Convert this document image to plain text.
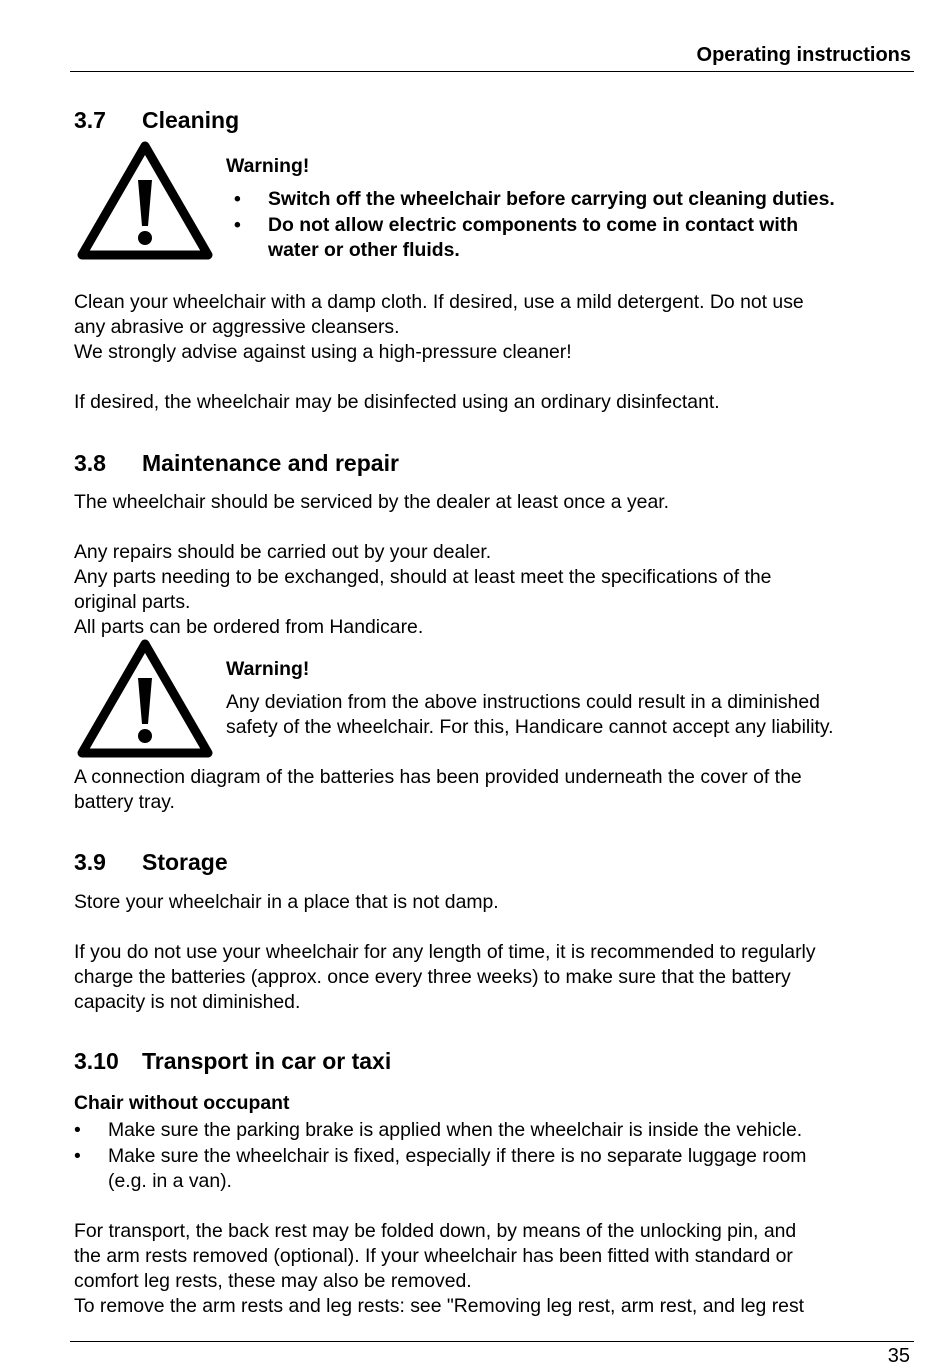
Operating instructions
3.7 Cleaning
Warning!
• Switch off the wheelchair before carrying out cleaning duties.
• Do not allow electric components to come in contact with
water or other fluids.
Clean your wheelchair with a damp cloth. If desired, use a mild detergent. Do not use
any abrasive or aggressive cleansers.
We strongly advise against using a high-pressure cleaner!
If desired, the wheelchair may be disinfected using an ordinary disinfectant.
3.8 Maintenance and repair
The wheelchair should be serviced by the dealer at least once a year.
Any repairs should be carried out by your dealer.
Any parts needing to be exchanged, should at least meet the specifications of the
original parts.
All parts can be ordered from Handicare.
Warning!
Any deviation from the above instructions could result in a diminished
safety of the wheelchair. For this, Handicare cannot accept any liability.
A connection diagram of the batteries has been provided underneath the cover of the
battery tray.
3.9 Storage
Store your wheelchair in a place that is not damp.
If you do not use your wheelchair for any length of time, it is recommended to regularly
charge the batteries (approx. once every three weeks) to make sure that the battery
capacity is not diminished.
3.10 Transport in car or taxi
Chair without occupant
• Make sure the parking brake is applied when the wheelchair is inside the vehicle.
• Make sure the wheelchair is fixed, especially if there is no separate luggage room
(e.g. in a van).
For transport, the back rest may be folded down, by means of the unlocking pin, and
the arm rests removed (optional). If your wheelchair has been fitted with standard or
comfort leg rests, these may also be removed.
To remove the arm rests and leg rests: see "Removing leg rest, arm rest, and leg rest
35
